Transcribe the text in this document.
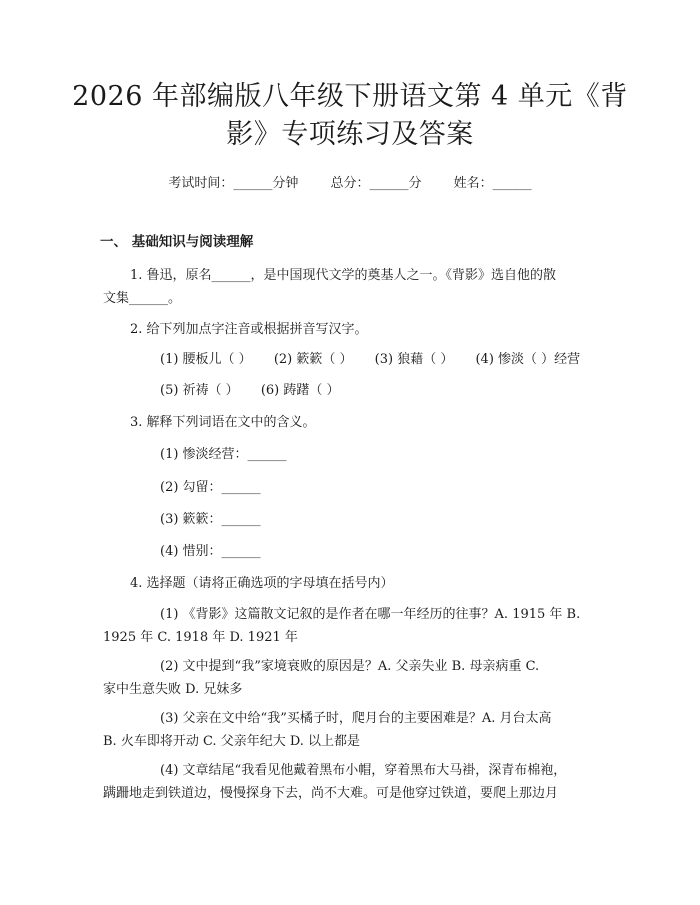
2026 年部编版八年级下册语文第 4 单元《背
影》专项练习及答案
考试时间：______分钟 总分：______分 姓名：______
一、 基础知识与阅读理解
1. 鲁迅，原名______，是中国现代文学的奠基人之一。《背影》选自他的散
文集______。
2. 给下列加点字注音或根据拼音写汉字。
(1) 腰板儿（ ） (2) 簌簌（ ） (3) 狼藉（ ） (4) 惨淡（ ）经营
(5) 祈祷（ ） (6) 踌躇（ ）
3. 解释下列词语在文中的含义。
(1) 惨淡经营：______
(2) 勾留：______
(3) 簌簌：______
(4) 惜别：______
4. 选择题（请将正确选项的字母填在括号内）
(1) 《背影》这篇散文记叙的是作者在哪一年经历的往事？A. 1915 年 B.
1925 年 C. 1918 年 D. 1921 年
(2) 文中提到“我”家境衰败的原因是？A. 父亲失业 B. 母亲病重 C.
家中生意失败 D. 兄妹多
(3) 父亲在文中给“我”买橘子时，爬月台的主要困难是？A. 月台太高
B. 火车即将开动 C. 父亲年纪大 D. 以上都是
(4) 文章结尾“我看见他戴着黑布小帽，穿着黑布大马褂，深青布棉袍，
蹒跚地走到铁道边，慢慢探身下去，尚不大难。可是他穿过铁道，要爬上那边月
